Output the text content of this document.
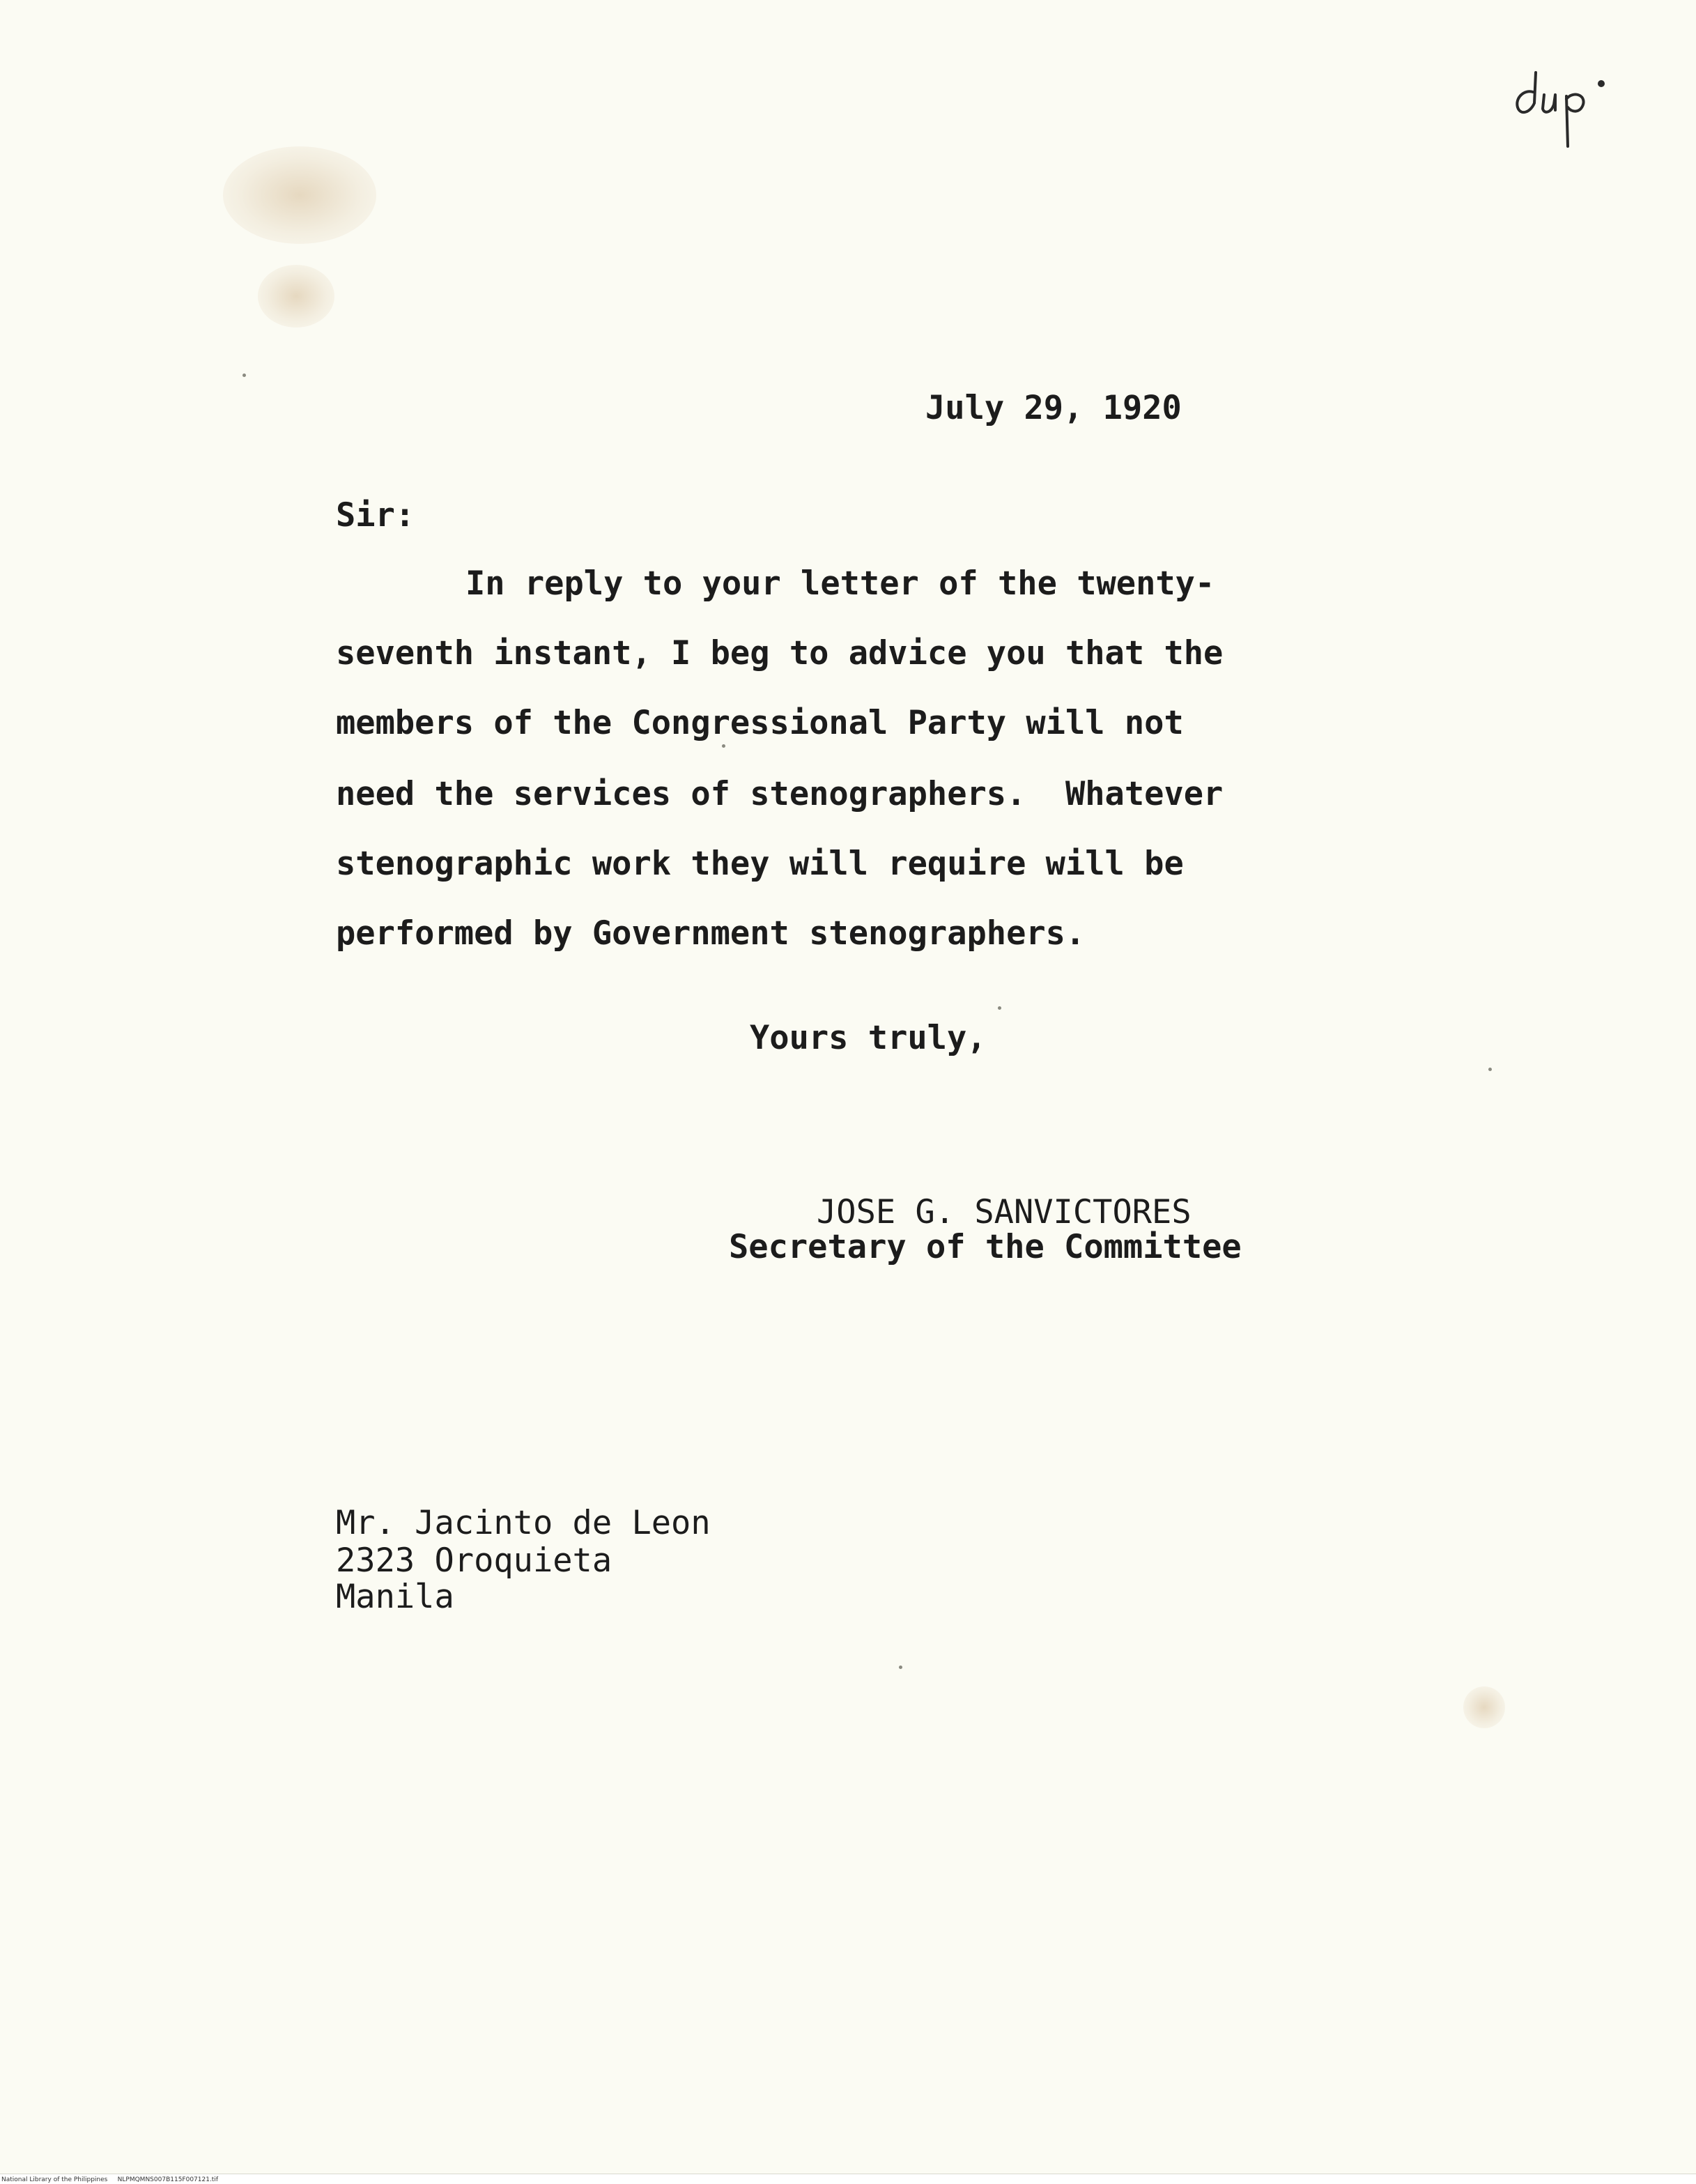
July 29, 1920
Sir:
In reply to your letter of the twenty-
seventh instant, I beg to advice you that the
members of the Congressional Party will not
need the services of stenographers.  Whatever
stenographic work they will require will be
performed by Government stenographers.
Yours truly,
JOSE G. SANVICTORES
Secretary of the Committee
Mr. Jacinto de Leon
2323 Oroquieta
Manila
National Library of the Philippines     NLPMQMNS007B115F007121.tif
